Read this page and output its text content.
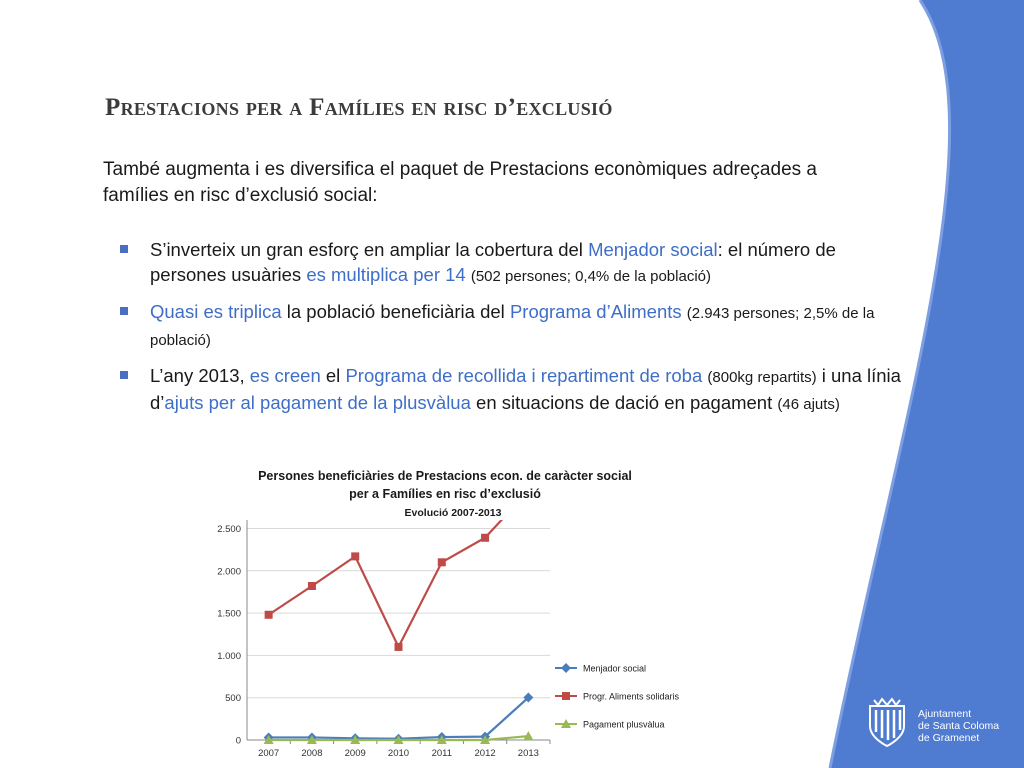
Prestacions per a Famílies en risc d’exclusió
També augmenta i es diversifica el paquet de Prestacions econòmiques adreçades a famílies en risc d’exclusió social:
S’inverteix un gran esforç en ampliar la cobertura del Menjador social: el número de persones usuàries es multiplica per 14 (502 persones; 0,4% de la població)
Quasi es triplica la població beneficiària del Programa d’Aliments (2.943 persones; 2,5% de la població)
L’any 2013, es creen el Programa de recollida i repartiment de roba (800kg repartits) i una línia d’ajuts per al pagament de la plusvàlua en situacions de dació en pagament (46 ajuts)
Persones beneficiàries de Prestacions econ. de caràcter social
per a Famílies en risc d’exclusió
Evolució 2007-2013
0
500
1.000
1.500
2.000
2.500
2007 2008 2009 2010 2011 2012 2013
Menjador social
Progr. Aliments solidaris
Pagament plusvàlua
Ajuntament
de Santa Coloma
de Gramenet
